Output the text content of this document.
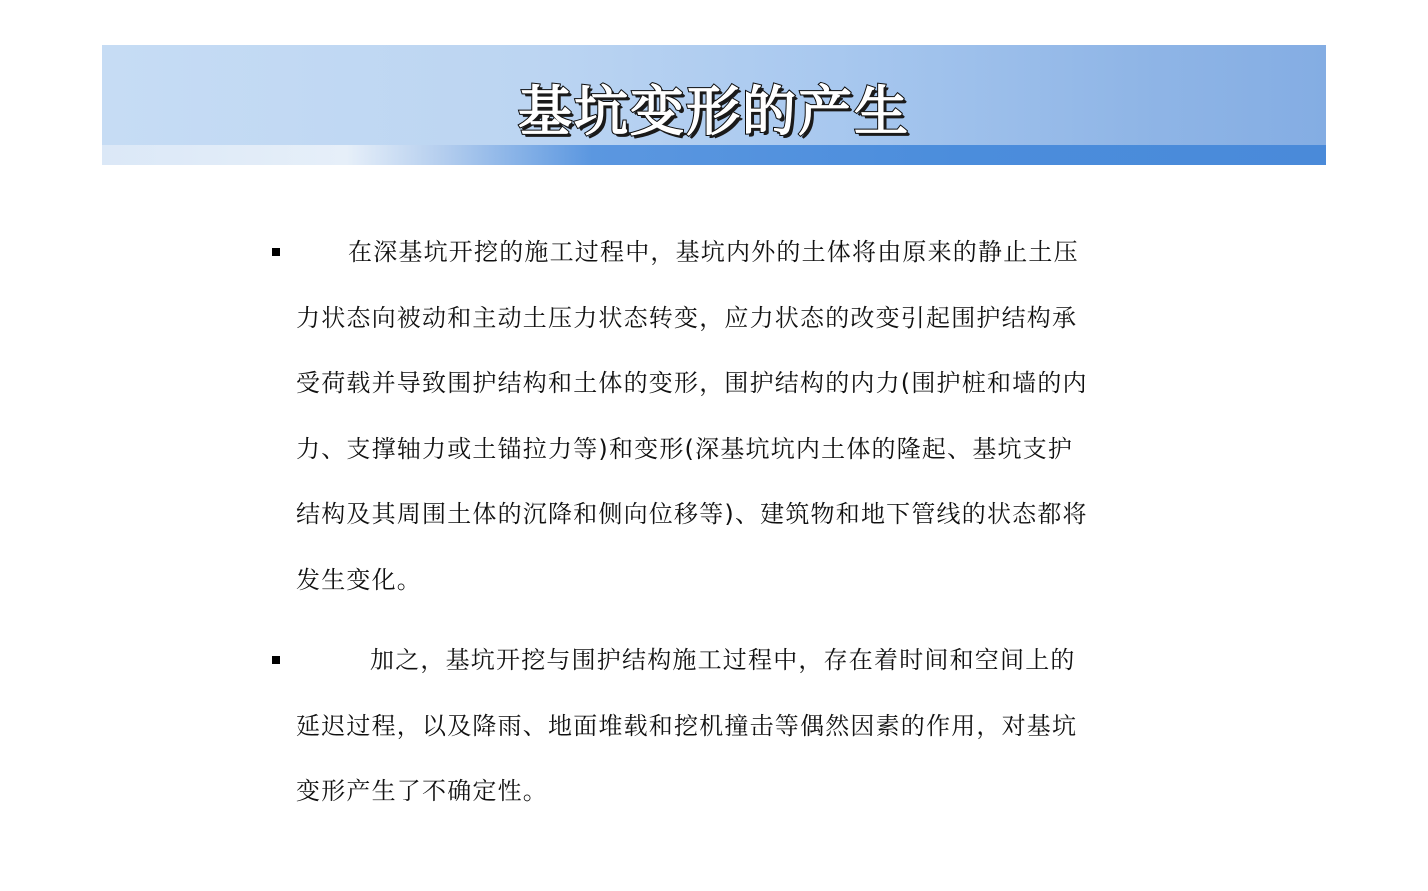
基坑变形的产生

在深基坑开挖的施工过程中，基坑内外的土体将由原来的静止土压力状态向被动和主动土压力状态转变，应力状态的改变引起围护结构承受荷载并导致围护结构和土体的变形，围护结构的内力(围护桩和墙的内力、支撑轴力或土锚拉力等)和变形(深基坑坑内土体的隆起、基坑支护结构及其周围土体的沉降和侧向位移等)、建筑物和地下管线的状态都将发生变化。

加之，基坑开挖与围护结构施工过程中，存在着时间和空间上的延迟过程，以及降雨、地面堆载和挖机撞击等偶然因素的作用，对基坑变形产生了不确定性。
